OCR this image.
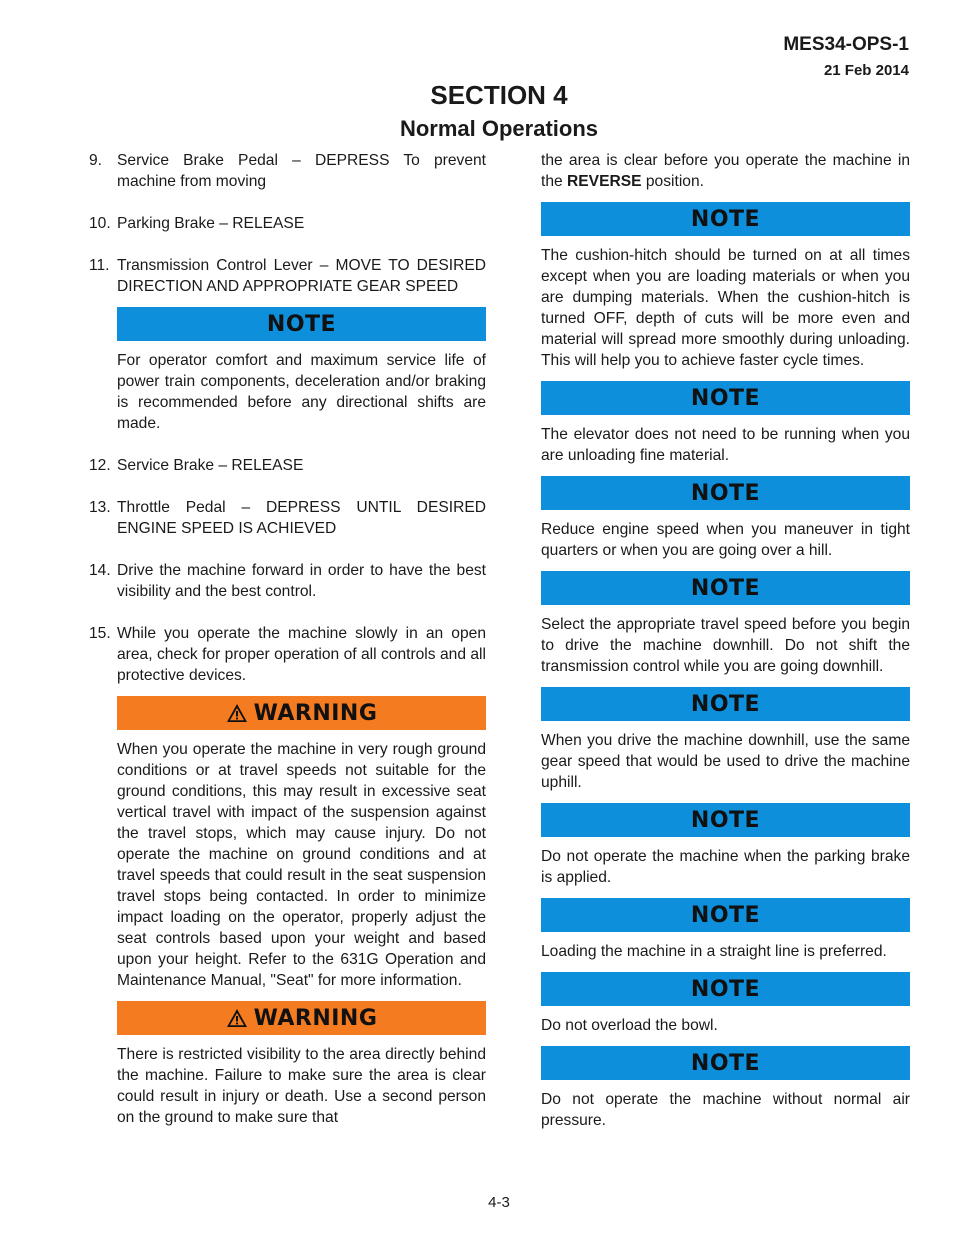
MES34-OPS-1
21 Feb 2014
SECTION 4
Normal Operations
9. Service Brake Pedal – DEPRESS To prevent machine from moving
10. Parking Brake – RELEASE
11. Transmission Control Lever – MOVE TO DESIRED DIRECTION AND APPROPRIATE GEAR SPEED
NOTE
For operator comfort and maximum service life of power train components, deceleration and/or braking is recommended before any directional shifts are made.
12. Service Brake – RELEASE
13. Throttle Pedal – DEPRESS UNTIL DESIRED ENGINE SPEED IS ACHIEVED
14. Drive the machine forward in order to have the best visibility and the best control.
15. While you operate the machine slowly in an open area, check for proper operation of all controls and all protective devices.
WARNING
When you operate the machine in very rough ground conditions or at travel speeds not suitable for the ground conditions, this may result in excessive seat vertical travel with impact of the suspension against the travel stops, which may cause injury. Do not operate the machine on ground conditions and at travel speeds that could result in the seat suspension travel stops being contacted. In order to minimize impact loading on the operator, properly adjust the seat controls based upon your weight and based upon your height. Refer to the 631G Operation and Maintenance Manual, "Seat" for more information.
WARNING
There is restricted visibility to the area directly behind the machine. Failure to make sure the area is clear could result in injury or death. Use a second person on the ground to make sure that
the area is clear before you operate the machine in the REVERSE position.
NOTE
The cushion-hitch should be turned on at all times except when you are loading materials or when you are dumping materials. When the cushion-hitch is turned OFF, depth of cuts will be more even and material will spread more smoothly during unloading. This will help you to achieve faster cycle times.
NOTE
The elevator does not need to be running when you are unloading fine material.
NOTE
Reduce engine speed when you maneuver in tight quarters or when you are going over a hill.
NOTE
Select the appropriate travel speed before you begin to drive the machine downhill. Do not shift the transmission control while you are going downhill.
NOTE
When you drive the machine downhill, use the same gear speed that would be used to drive the machine uphill.
NOTE
Do not operate the machine when the parking brake is applied.
NOTE
Loading the machine in a straight line is preferred.
NOTE
Do not overload the bowl.
NOTE
Do not operate the machine without normal air pressure.
4-3
